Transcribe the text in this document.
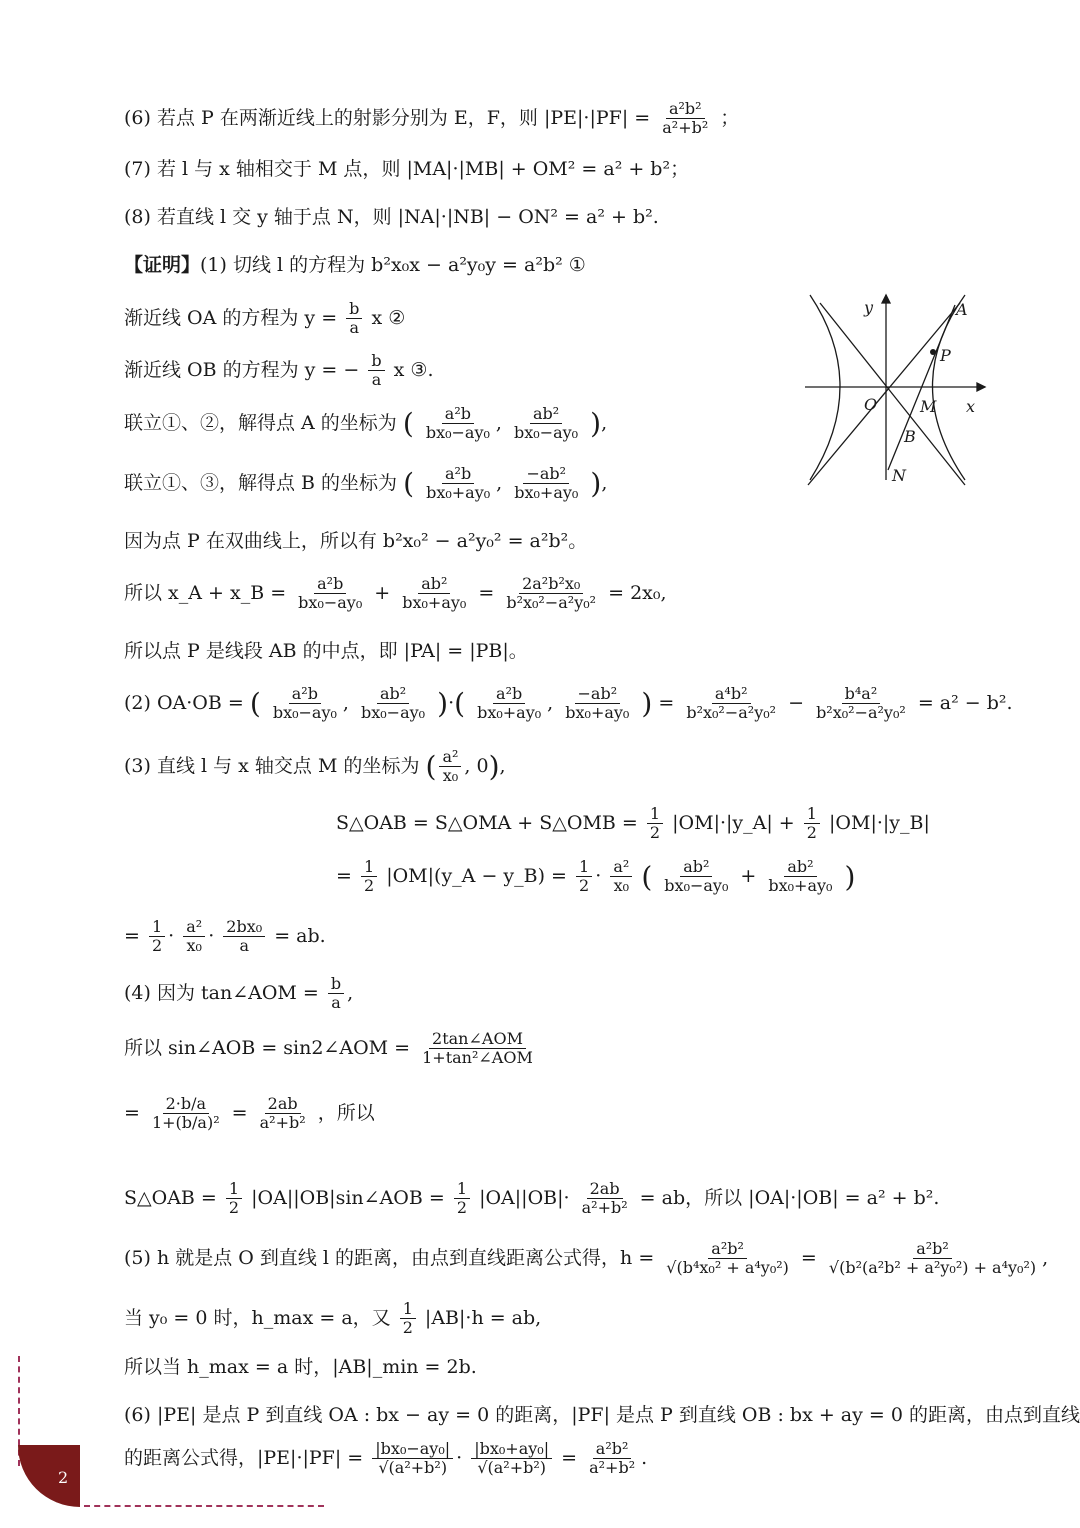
(6) 若点 P 在两渐近线上的射影分别为 E，F，则 $|PE|\cdot|PF| = \frac{\text{a²b²}}{\text{a²+b²}}$ ；
(7) 若 l 与 x 轴相交于 M 点，则 |MA|·|MB| + OM² = a² + b²；
(8) 若直线 l 交 y 轴于点 N，则 |NA|·|NB| − ON² = a² + b².
【证明】(1) 切线 l 的方程为 b²x₀x − a²y₀y = a²b² ①
渐近线 OA 的方程为 $y = \frac{b}{a}$ x ②
渐近线 OB 的方程为 y = − $\frac{b}{a}$ x ③.
联立①、②，解得点 A 的坐标为 ( $\frac{\text{a²b}}{\text{bx₀−ay₀}}$ , $\frac{\text{ab²}}{\text{bx₀−ay₀}}$ ),
联立①、③，解得点 B 的坐标为 ( $\frac{\text{a²b}}{\text{bx₀+ay₀}}$ , $\frac{\text{−ab²}}{\text{bx₀+ay₀}}$ ),
因为点 P 在双曲线上，所以有 b²x₀² − a²y₀² = a²b²。
所以 x_A + x_B = $\frac{\text{a²b}}{\text{bx₀−ay₀}} + \frac{\text{ab²}}{\text{bx₀+ay₀}} = \frac{\text{2a²b²x₀}}{\text{b²x₀²−a²y₀²}} = 2x_0$,
所以点 P 是线段 AB 的中点，即 |PA| = |PB|。
(2) OA·OB = ( $\frac{\text{a²b}}{\text{bx₀−ay₀}}$ , $\frac{\text{ab²}}{\text{bx₀−ay₀}}$ )·( $\frac{\text{a²b}}{\text{bx₀+ay₀}}$ , $\frac{\text{−ab²}}{\text{bx₀+ay₀}}$ ) = $\frac{\text{a⁴b²}}{\text{b²x₀²−a²y₀²}} - \frac{\text{b⁴a²}}{\text{b²x₀²−a²y₀²}} = a^2 - b^2$.
(3) 直线 l 与 x 轴交点 M 的坐标为 ( $\frac{\text{a²}}{\text{x₀}}$ , 0),
S△OAB = S△OMA + S△OMB = $\frac{1}{2}$ |OM|·|y_A| + $\frac{1}{2}$ |OM|·|y_B|
= $\frac{1}{2}$ |OM|(y_A − y_B) = $\frac{1}{2} \cdot \frac{\text{a²}}{\text{x₀}}$ ( $\frac{\text{ab²}}{\text{bx₀−ay₀}} + \frac{\text{ab²}}{\text{bx₀+ay₀}}$ )
= $\frac{1}{2} \cdot \frac{\text{a²}}{\text{x₀}} \cdot \frac{\text{2bx₀}}{a}$ = ab.
(4) 因为 tan∠AOM = $\frac{b}{a}$ ,
所以 sin∠AOB = sin2∠AOM = $\frac{\text{2tan∠AOM}}{\text{1+tan²∠AOM}}$
= $\frac{2\cdot b/a}{\text{1+(b/a)²}} = \frac{2ab}{\text{a²+b²}}$ ，所以
S△OAB = $\frac{1}{2}$ |OA||OB|sin∠AOB = $\frac{1}{2} |OA||OB|\cdot \frac{2ab}{\text{a²+b²}}$ = ab，所以 |OA|·|OB| = a² + b².
(5) h 就是点 O 到直线 l 的距离，由点到直线距离公式得，$h = \frac{\text{a²b²}}{\text{√(b⁴x₀² + a⁴y₀²)}} = \frac{\text{a²b²}}{\text{√(b²(a²b² + a²y₀²) + a⁴y₀²)}}$ ,
当 y₀ = 0 时，h_max = a，又 $\frac{1}{2} |AB|\cdot h$ = ab,
所以当 h_max = a 时，|AB|_min = 2b.
(6) |PE| 是点 P 到直线 OA : bx − ay = 0 的距离，|PF| 是点 P 到直线 OB : bx + ay = 0 的距离，由点到直线
的距离公式得，$|PE|\cdot|PF| = \frac{\text{|bx₀−ay₀|}}{\text{√(a²+b²)}} \cdot \frac{\text{|bx₀+ay₀|}}{\text{√(a²+b²)}} = \frac{\text{a²b²}}{\text{a²+b²}}$ .
y
x
A
P
O	M
B
N
2
